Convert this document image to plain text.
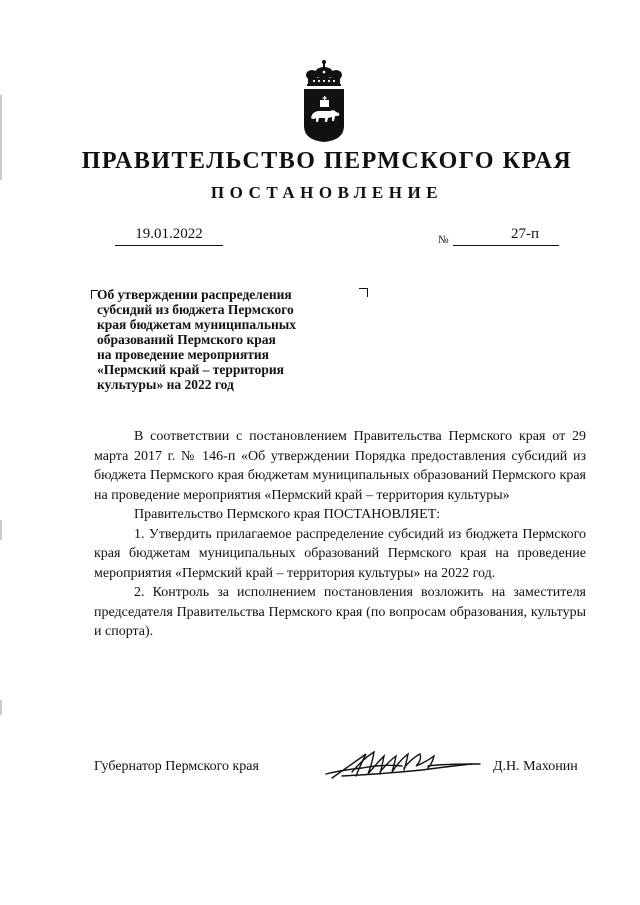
ПРАВИТЕЛЬСТВО ПЕРМСКОГО КРАЯ
ПОСТАНОВЛЕНИЕ
19.01.2022	№	27-п
Об утверждении распределения
субсидий из бюджета Пермского
края бюджетам муниципальных
образований Пермского края
на проведение мероприятия
«Пермский край – территория
культуры» на 2022 год

В соответствии с постановлением Правительства Пермского края от 29 марта 2017 г. № 146-п «Об утверждении Порядка предоставления субсидий из бюджета Пермского края бюджетам муниципальных образований Пермского края на проведение мероприятия «Пермский край – территория культуры»

Правительство Пермского края ПОСТАНОВЛЯЕТ:

1. Утвердить прилагаемое распределение субсидий из бюджета Пермского края бюджетам муниципальных образований Пермского края на проведение мероприятия «Пермский край – территория культуры» на 2022 год.

2. Контроль за исполнением постановления возложить на заместителя председателя Правительства Пермского края (по вопросам образования, культуры и спорта).

Губернатор Пермского края	Д.Н. Махонин
